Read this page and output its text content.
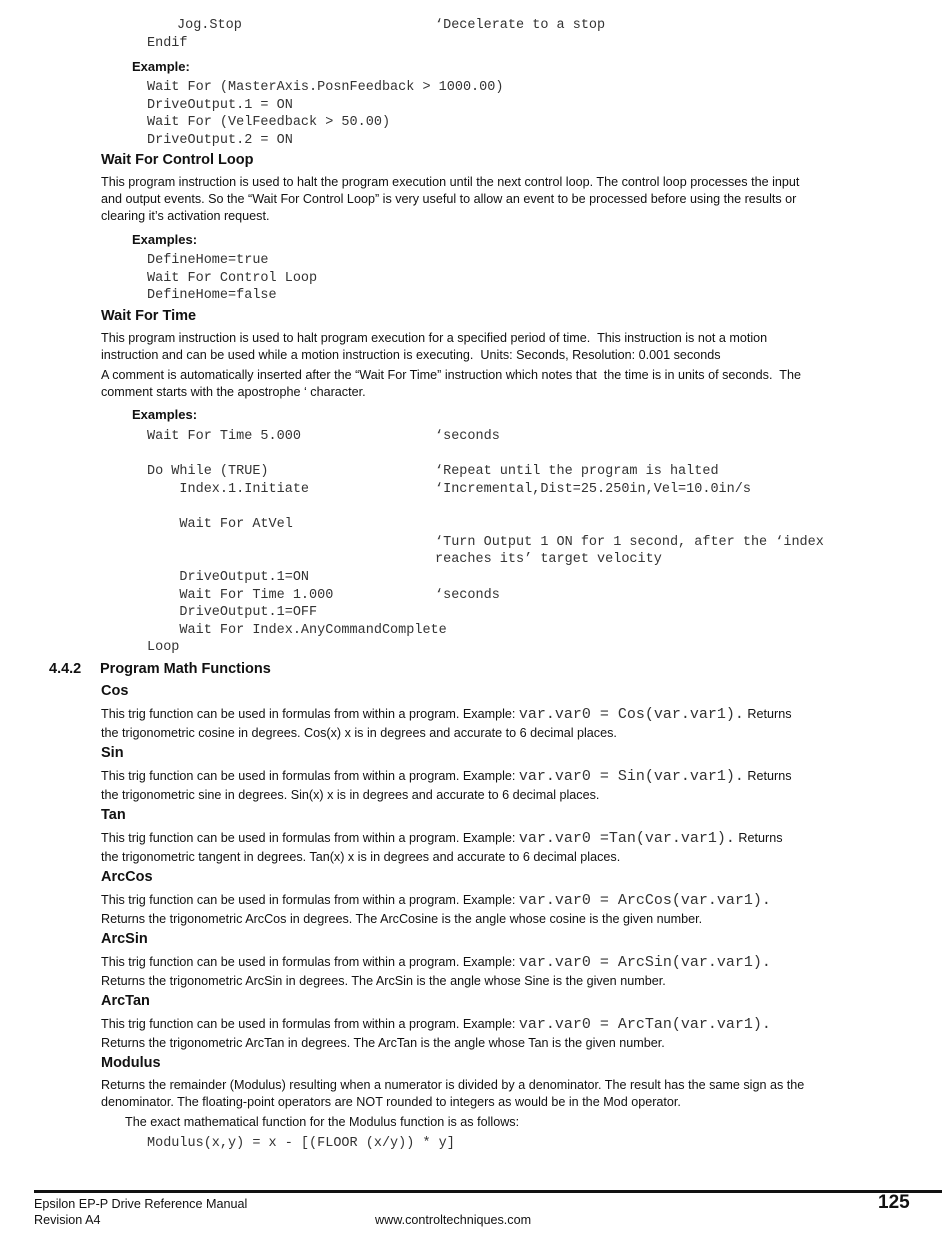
Jog.Stop	‘Decelerate to a stop
Endif
Example:
Wait For (MasterAxis.PosnFeedback > 1000.00)
DriveOutput.1 = ON
Wait For (VelFeedback > 50.00)
DriveOutput.2 = ON
Wait For Control Loop
This program instruction is used to halt the program execution until the next control loop. The control loop processes the input
and output events. So the “Wait For Control Loop” is very useful to allow an event to be processed before using the results or
clearing it’s activation request.
Examples:
DefineHome=true
Wait For Control Loop
DefineHome=false
Wait For Time
This program instruction is used to halt program execution for a specified period of time.  This instruction is not a motion
instruction and can be used while a motion instruction is executing.  Units: Seconds, Resolution: 0.001 seconds
A comment is automatically inserted after the “Wait For Time” instruction which notes that  the time is in units of seconds.  The
comment starts with the apostrophe ‘ character.
Examples:
Wait For Time 5.000	‘seconds
Do While (TRUE)	‘Repeat until the program is halted
Index.1.Initiate	‘Incremental,Dist=25.250in,Vel=10.0in/s
Wait For AtVel
‘Turn Output 1 ON for 1 second, after the ‘index
reaches its’ target velocity
DriveOutput.1=ON
Wait For Time 1.000	‘seconds
DriveOutput.1=OFF
Wait For Index.AnyCommandComplete
Loop
4.4.2 Program Math Functions
Cos
This trig function can be used in formulas from within a program. Example: var.var0 = Cos(var.var1). Returns
the trigonometric cosine in degrees. Cos(x) x is in degrees and accurate to 6 decimal places.
Sin
This trig function can be used in formulas from within a program. Example: var.var0 = Sin(var.var1). Returns
the trigonometric sine in degrees. Sin(x) x is in degrees and accurate to 6 decimal places.
Tan
This trig function can be used in formulas from within a program. Example: var.var0 =Tan(var.var1). Returns
the trigonometric tangent in degrees. Tan(x) x is in degrees and accurate to 6 decimal places.
ArcCos
This trig function can be used in formulas from within a program. Example: var.var0 = ArcCos(var.var1).
Returns the trigonometric ArcCos in degrees. The ArcCosine is the angle whose cosine is the given number.
ArcSin
This trig function can be used in formulas from within a program. Example: var.var0 = ArcSin(var.var1).
Returns the trigonometric ArcSin in degrees. The ArcSin is the angle whose Sine is the given number.
ArcTan
This trig function can be used in formulas from within a program. Example: var.var0 = ArcTan(var.var1).
Returns the trigonometric ArcTan in degrees. The ArcTan is the angle whose Tan is the given number.
Modulus
Returns the remainder (Modulus) resulting when a numerator is divided by a denominator. The result has the same sign as the
denominator. The floating-point operators are NOT rounded to integers as would be in the Mod operator.
The exact mathematical function for the Modulus function is as follows:
Modulus(x,y) = x - [(FLOOR (x/y)) * y]
Epsilon EP-P Drive Reference Manual
Revision A4	www.controltechniques.com
125
